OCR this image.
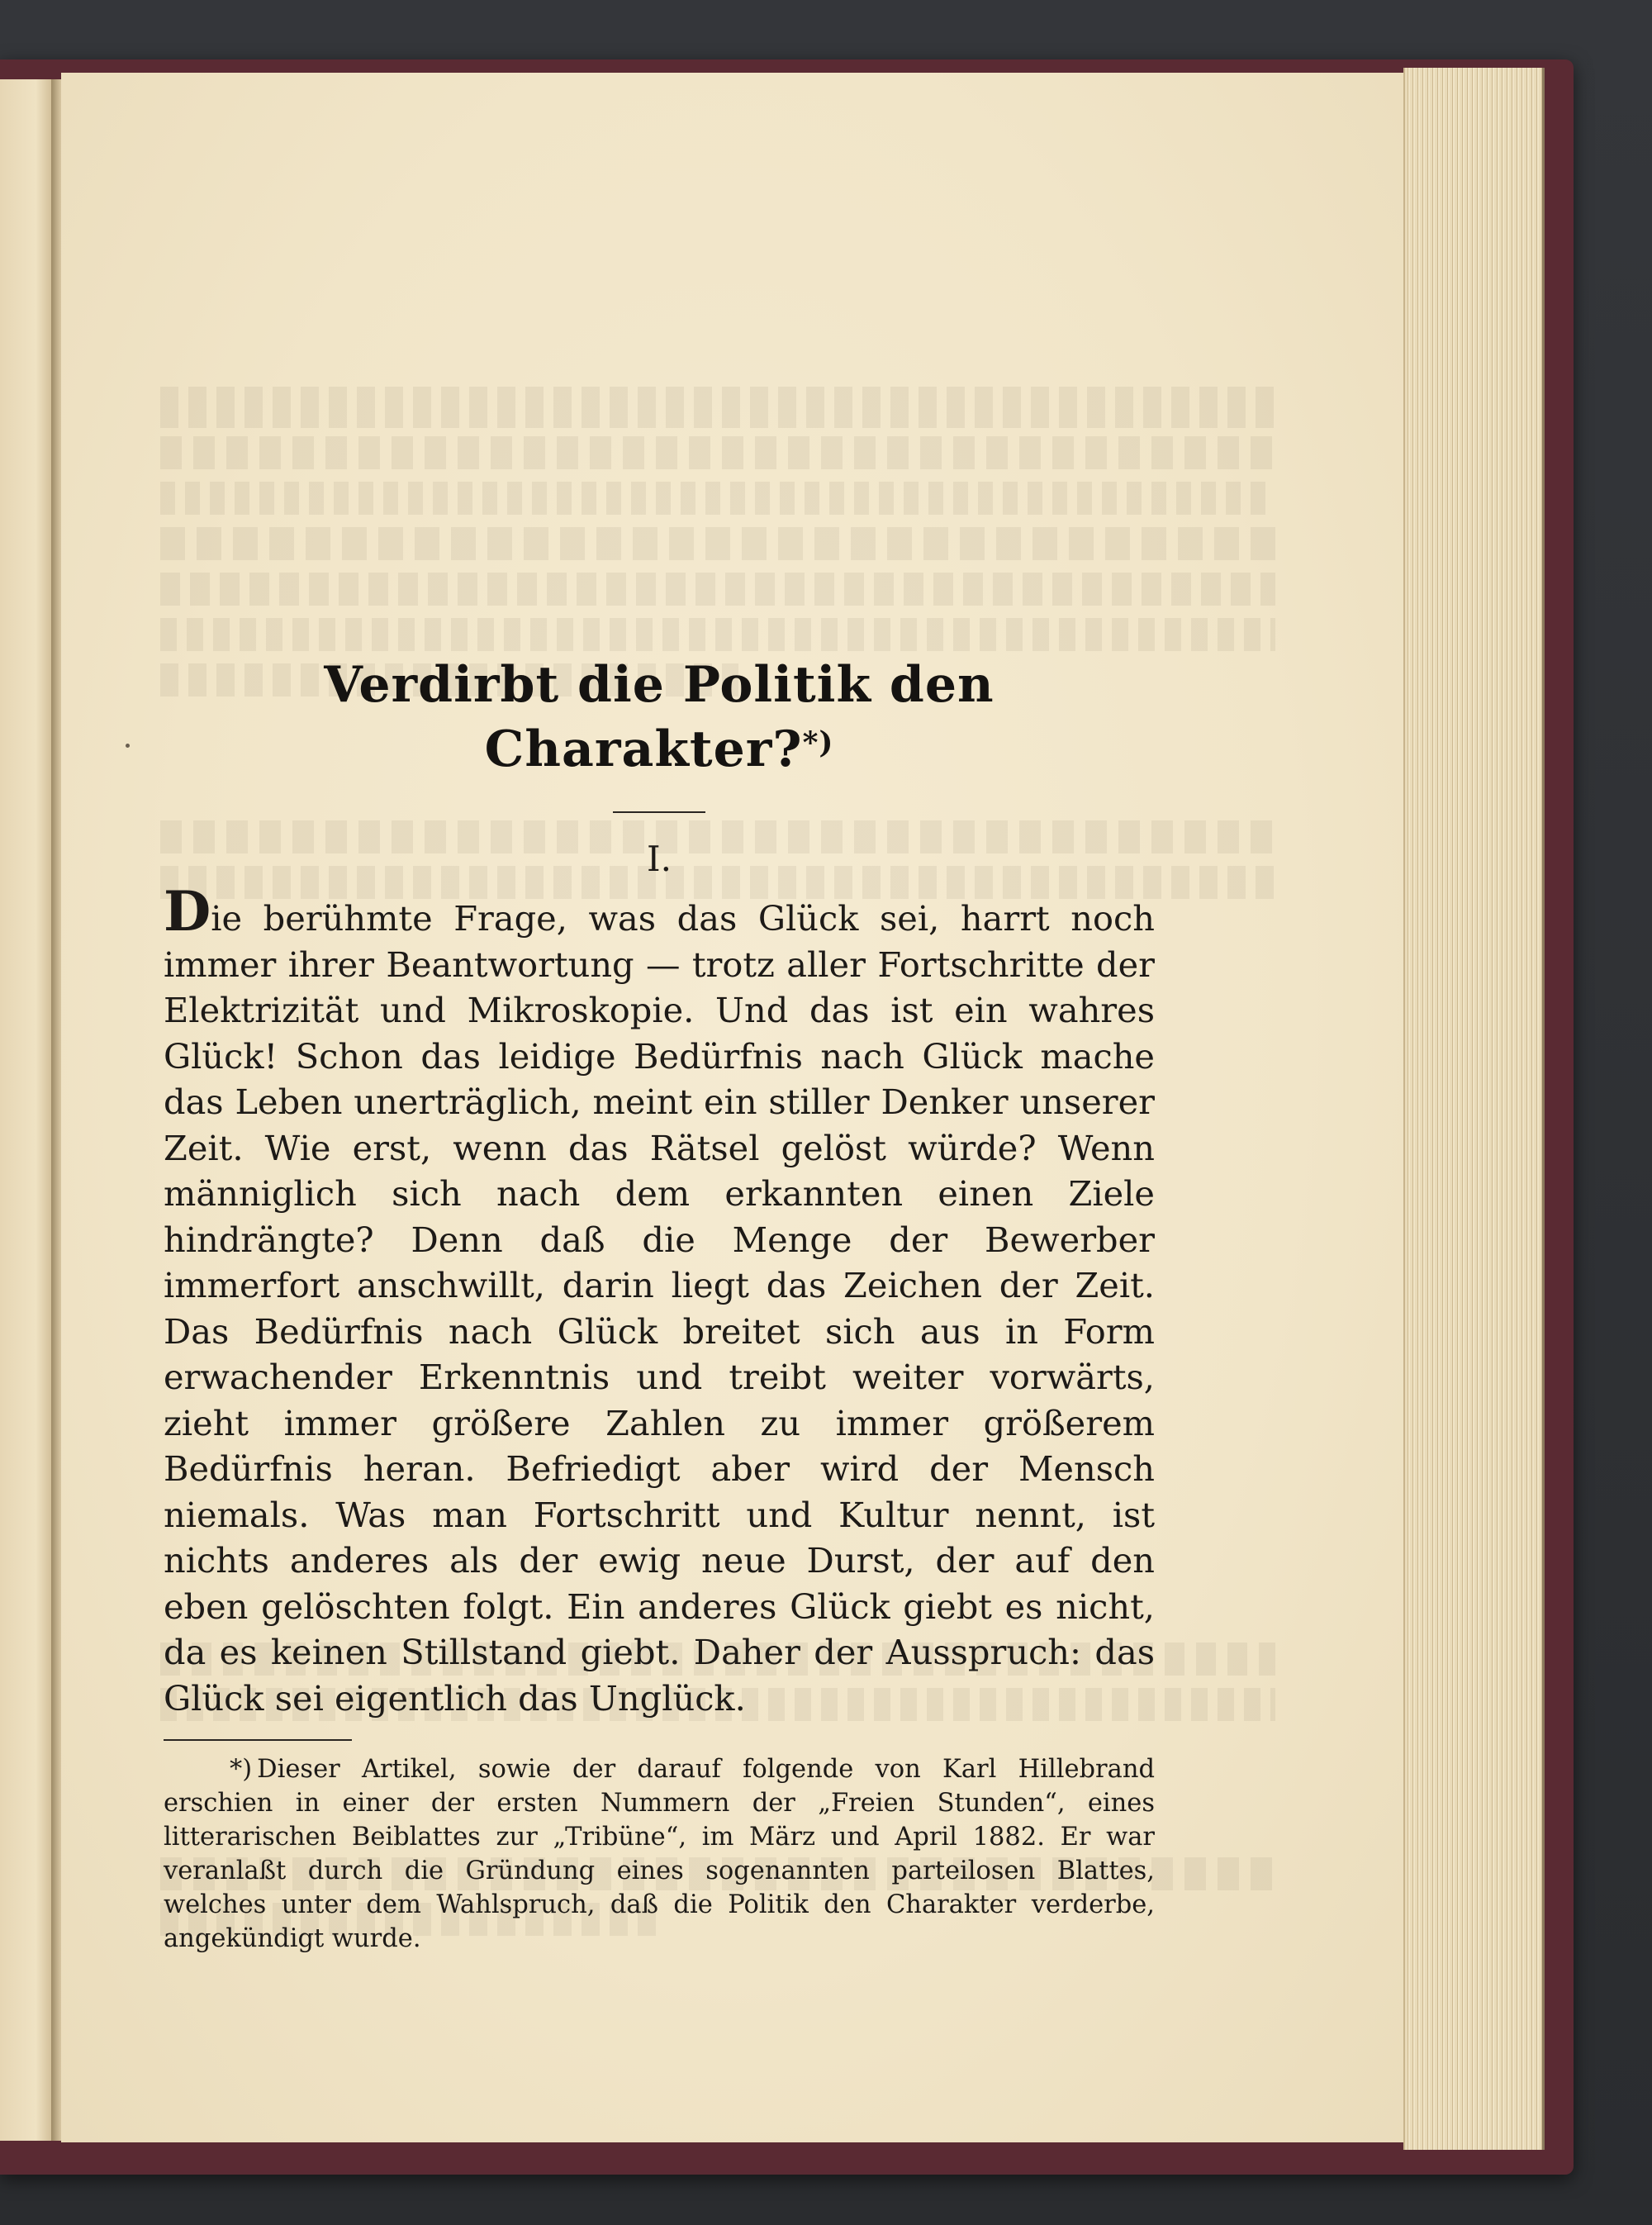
Verdirbt die Politik den Charakter?*)
I.

Die berühmte Frage, was das Glück sei, harrt noch immer ihrer Beantwortung — trotz aller Fortschritte der Elektrizität und Mikroskopie. Und das ist ein wahres Glück! Schon das leidige Bedürfnis nach Glück mache das Leben unerträglich, meint ein stiller Denker unserer Zeit. Wie erst, wenn das Rätsel gelöst würde? Wenn männiglich sich nach dem erkannten einen Ziele hindrängte? Denn daß die Menge der Bewerber immerfort anschwillt, darin liegt das Zeichen der Zeit. Das Bedürfnis nach Glück breitet sich aus in Form erwachender Erkenntnis und treibt weiter vorwärts, zieht immer größere Zahlen zu immer größerem Bedürfnis heran. Befriedigt aber wird der Mensch niemals. Was man Fortschritt und Kultur nennt, ist nichts anderes als der ewig neue Durst, der auf den eben gelöschten folgt. Ein anderes Glück giebt es nicht, da es keinen Stillstand giebt. Daher der Ausspruch: das Glück sei eigentlich das Unglück.

*) Dieser Artikel, sowie der darauf folgende von Karl Hillebrand erschien in einer der ersten Nummern der „Freien Stunden“, eines litterarischen Beiblattes zur „Tribüne“, im März und April 1882. Er war veranlaßt durch die Gründung eines sogenannten parteilosen Blattes, welches unter dem Wahlspruch, daß die Politik den Charakter verderbe, angekündigt wurde.
